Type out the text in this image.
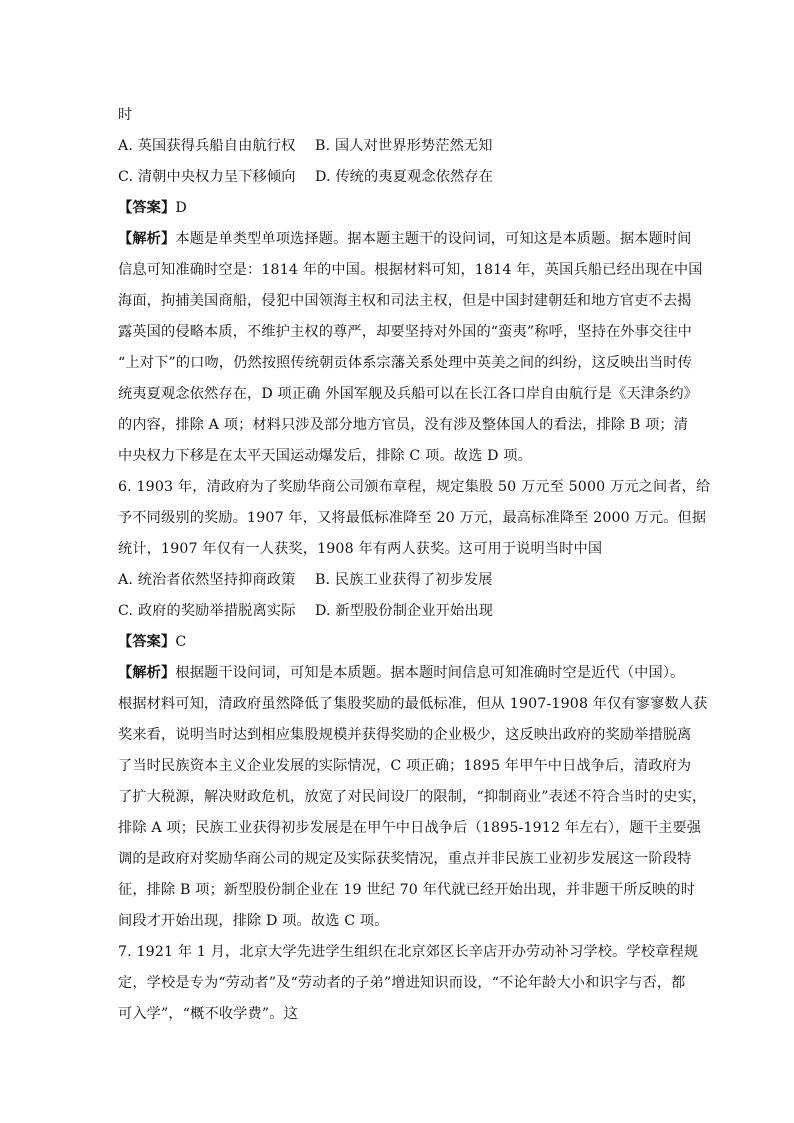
时
A. 英国获得兵船自由航行权	B. 国人对世界形势茫然无知
C. 清朝中央权力呈下移倾向	D. 传统的夷夏观念依然存在
【答案】D
【解析】本题是单类型单项选择题。据本题主题干的设问词，可知这是本质题。据本题时间
信息可知准确时空是：1814 年的中国。根据材料可知，1814 年，英国兵船已经出现在中国
海面，拘捕美国商船，侵犯中国领海主权和司法主权，但是中国封建朝廷和地方官吏不去揭
露英国的侵略本质，不维护主权的尊严，却要坚持对外国的“蛮夷”称呼，坚持在外事交往中
“上对下”的口吻，仍然按照传统朝贡体系宗藩关系处理中英美之间的纠纷，这反映出当时传
统夷夏观念依然存在，D 项正确 外国军舰及兵船可以在长江各口岸自由航行是《天津条约》
的内容，排除 A 项；材料只涉及部分地方官员，没有涉及整体国人的看法，排除 B 项；清
中央权力下移是在太平天国运动爆发后，排除 C 项。故选 D 项。
6. 1903 年，清政府为了奖励华商公司颁布章程，规定集股 50 万元至 5000 万元之间者，给
予不同级别的奖励。1907 年，又将最低标准降至 20 万元，最高标准降至 2000 万元。但据
统计，1907 年仅有一人获奖，1908 年有两人获奖。这可用于说明当时中国
A. 统治者依然坚持抑商政策	B. 民族工业获得了初步发展
C. 政府的奖励举措脱离实际	D. 新型股份制企业开始出现
【答案】C
【解析】根据题干设问词，可知是本质题。据本题时间信息可知准确时空是近代（中国）。
根据材料可知，清政府虽然降低了集股奖励的最低标准，但从 1907-1908 年仅有寥寥数人获
奖来看，说明当时达到相应集股规模并获得奖励的企业极少，这反映出政府的奖励举措脱离
了当时民族资本主义企业发展的实际情况，C 项正确；1895 年甲午中日战争后，清政府为
了扩大税源，解决财政危机，放宽了对民间设厂的限制，“抑制商业”表述不符合当时的史实，
排除 A 项；民族工业获得初步发展是在甲午中日战争后（1895-1912 年左右），题干主要强
调的是政府对奖励华商公司的规定及实际获奖情况，重点并非民族工业初步发展这一阶段特
征，排除 B 项；新型股份制企业在 19 世纪 70 年代就已经开始出现，并非题干所反映的时
间段才开始出现，排除 D 项。故选 C 项。
7. 1921 年 1 月，北京大学先进学生组织在北京郊区长辛店开办劳动补习学校。学校章程规
定，学校是专为“劳动者”及“劳动者的子弟”增进知识而设，“不论年龄大小和识字与否，都
可入学”，“概不收学费”。这
